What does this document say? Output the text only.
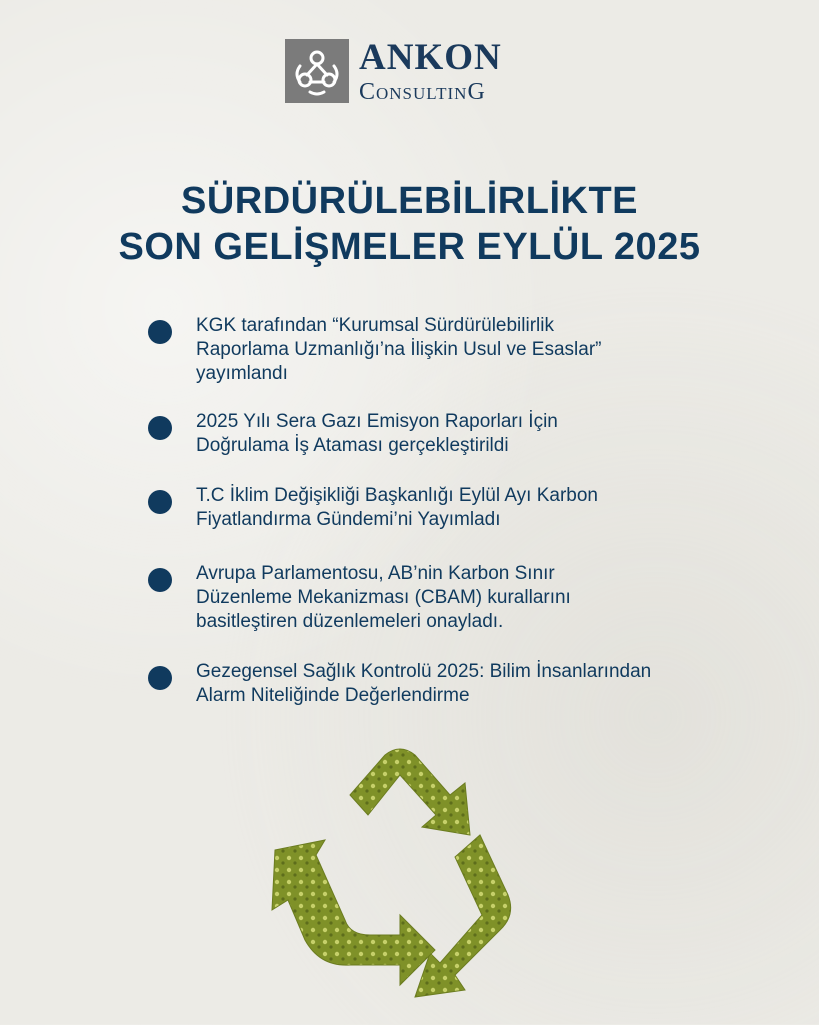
ANKON
ConsultinG
SÜRDÜRÜLEBİLİRLİKTE
SON GELİŞMELER EYLÜL 2025
KGK tarafından “Kurumsal Sürdürülebilirlik Raporlama Uzmanlığı’na İlişkin Usul ve Esaslar” yayımlandı
2025 Yılı Sera Gazı Emisyon Raporları İçin Doğrulama İş Ataması gerçekleştirildi
T.C İklim Değişikliği Başkanlığı Eylül Ayı Karbon Fiyatlandırma Gündemi’ni Yayımladı
Avrupa Parlamentosu, AB’nin Karbon Sınır Düzenleme Mekanizması (CBAM) kurallarını basitleştiren düzenlemeleri onayladı.
Gezegensel Sağlık Kontrolü 2025: Bilim İnsanlarından Alarm Niteliğinde Değerlendirme
